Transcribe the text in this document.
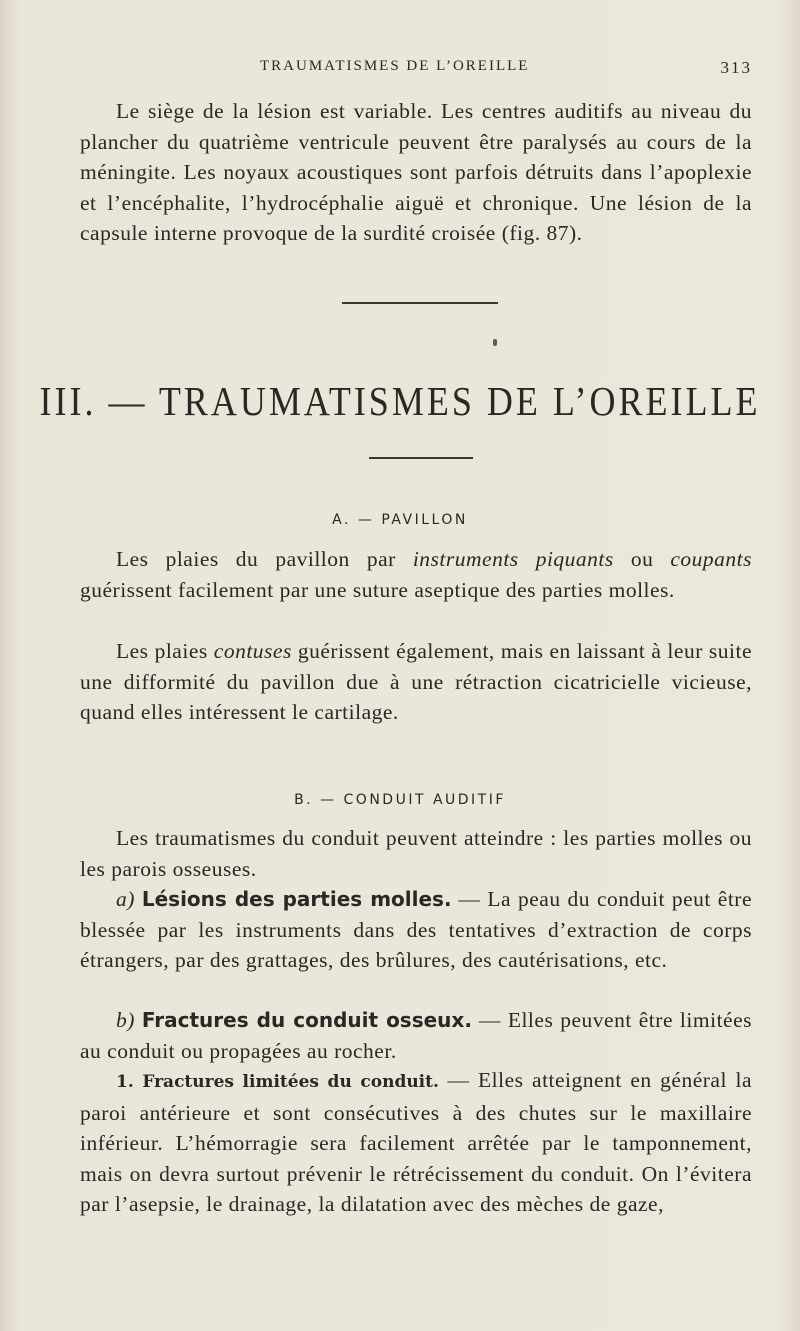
TRAUMATISMES DE L’OREILLE	313
Le siège de la lésion est variable. Les centres auditifs au niveau du plancher du quatrième ventricule peuvent être paralysés au cours de la méningite. Les noyaux acoustiques sont parfois détruits dans l’apoplexie et l’encéphalite, l’hydrocéphalie aiguë et chronique. Une lésion de la capsule interne provoque de la surdité croisée (fig. 87).
III. — TRAUMATISMES DE L’OREILLE
A. — PAVILLON
Les plaies du pavillon par instruments piquants ou coupants guérissent facilement par une suture aseptique des parties molles.
Les plaies contuses guérissent également, mais en laissant à leur suite une difformité du pavillon due à une rétraction cicatricielle vicieuse, quand elles intéressent le cartilage.
B. — CONDUIT AUDITIF
Les traumatismes du conduit peuvent atteindre : les parties molles ou les parois osseuses.
a) Lésions des parties molles. — La peau du conduit peut être blessée par les instruments dans des tentatives d’extraction de corps étrangers, par des grattages, des brûlures, des cautérisations, etc.
b) Fractures du conduit osseux. — Elles peuvent être limitées au conduit ou propagées au rocher.
1. Fractures limitées du conduit. — Elles atteignent en général la paroi antérieure et sont consécutives à des chutes sur le maxillaire inférieur. L’hémorragie sera facilement arrêtée par le tamponnement, mais on devra surtout prévenir le rétrécissement du conduit. On l’évitera par l’asepsie, le drainage, la dilatation avec des mèches de gaze,
